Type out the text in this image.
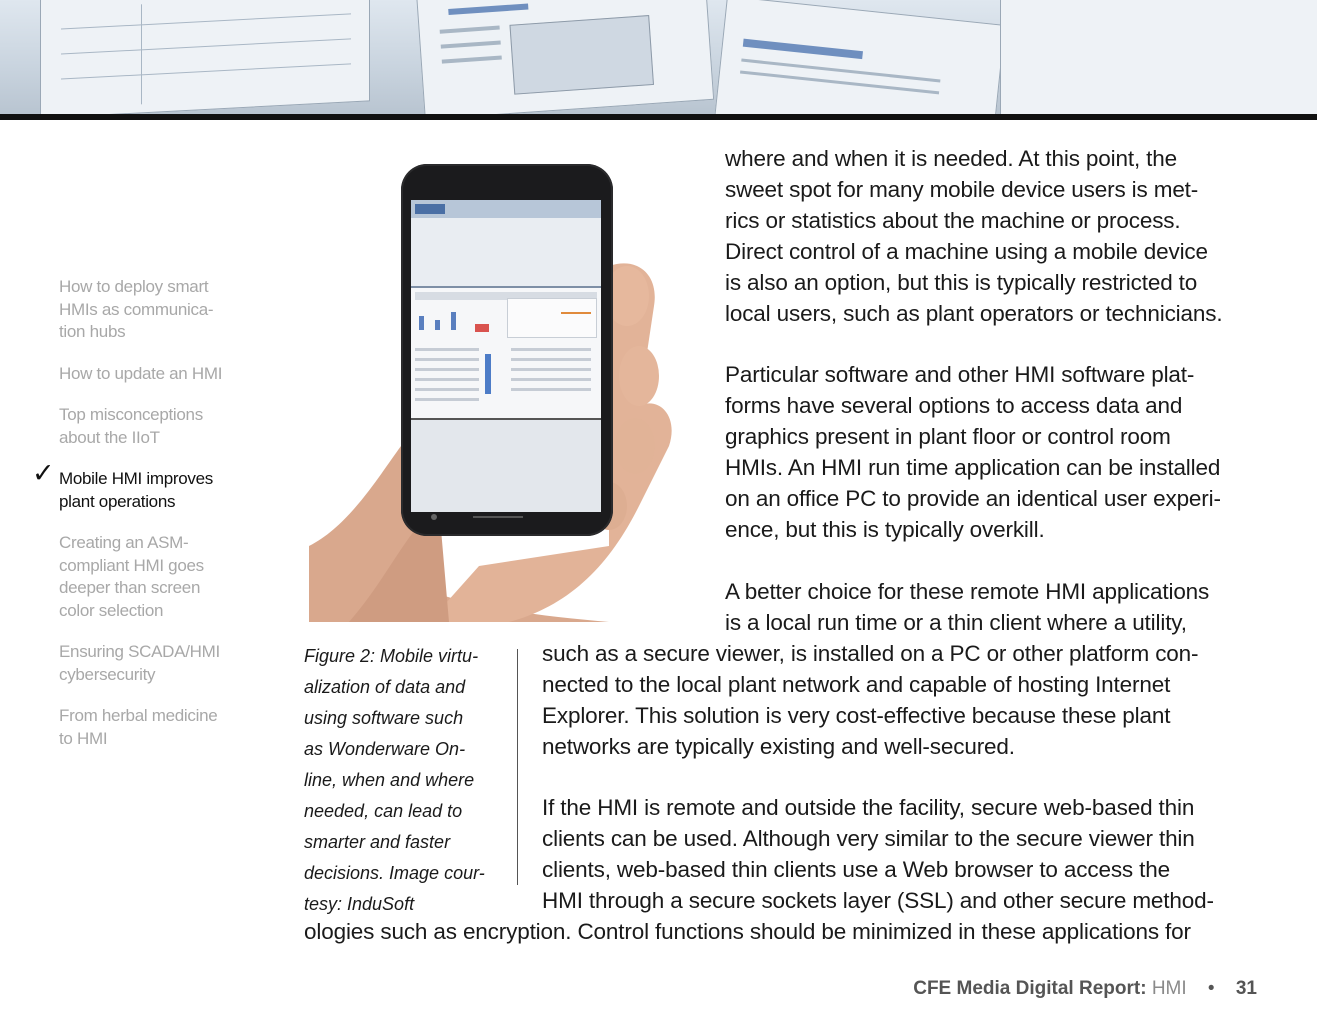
How to deploy smart
HMIs as communica-
tion hubs
How to update an HMI
Top misconceptions
about the IIoT
✓ Mobile HMI improves
plant operations
Creating an ASM-
compliant HMI goes
deeper than screen
color selection
Ensuring SCADA/HMI
cybersecurity
From herbal medicine
to HMI
Figure 2: Mobile virtu-
alization of data and
using software such
as Wonderware On-
line, when and where
needed, can lead to
smarter and faster
decisions. Image cour-
tesy: InduSoft
where and when it is needed. At this point, the
sweet spot for many mobile device users is met-
rics or statistics about the machine or process.
Direct control of a machine using a mobile device
is also an option, but this is typically restricted to
local users, such as plant operators or technicians.
Particular software and other HMI software plat-
forms have several options to access data and
graphics present in plant floor or control room
HMIs. An HMI run time application can be installed
on an office PC to provide an identical user experi-
ence, but this is typically overkill.
A better choice for these remote HMI applications
is a local run time or a thin client where a utility,
such as a secure viewer, is installed on a PC or other platform con-
nected to the local plant network and capable of hosting Internet
Explorer. This solution is very cost-effective because these plant
networks are typically existing and well-secured.
If the HMI is remote and outside the facility, secure web-based thin
clients can be used. Although very similar to the secure viewer thin
clients, web-based thin clients use a Web browser to access the
HMI through a secure sockets layer (SSL) and other secure method-
ologies such as encryption. Control functions should be minimized in these applications for
CFE Media Digital Report: HMI • 31
